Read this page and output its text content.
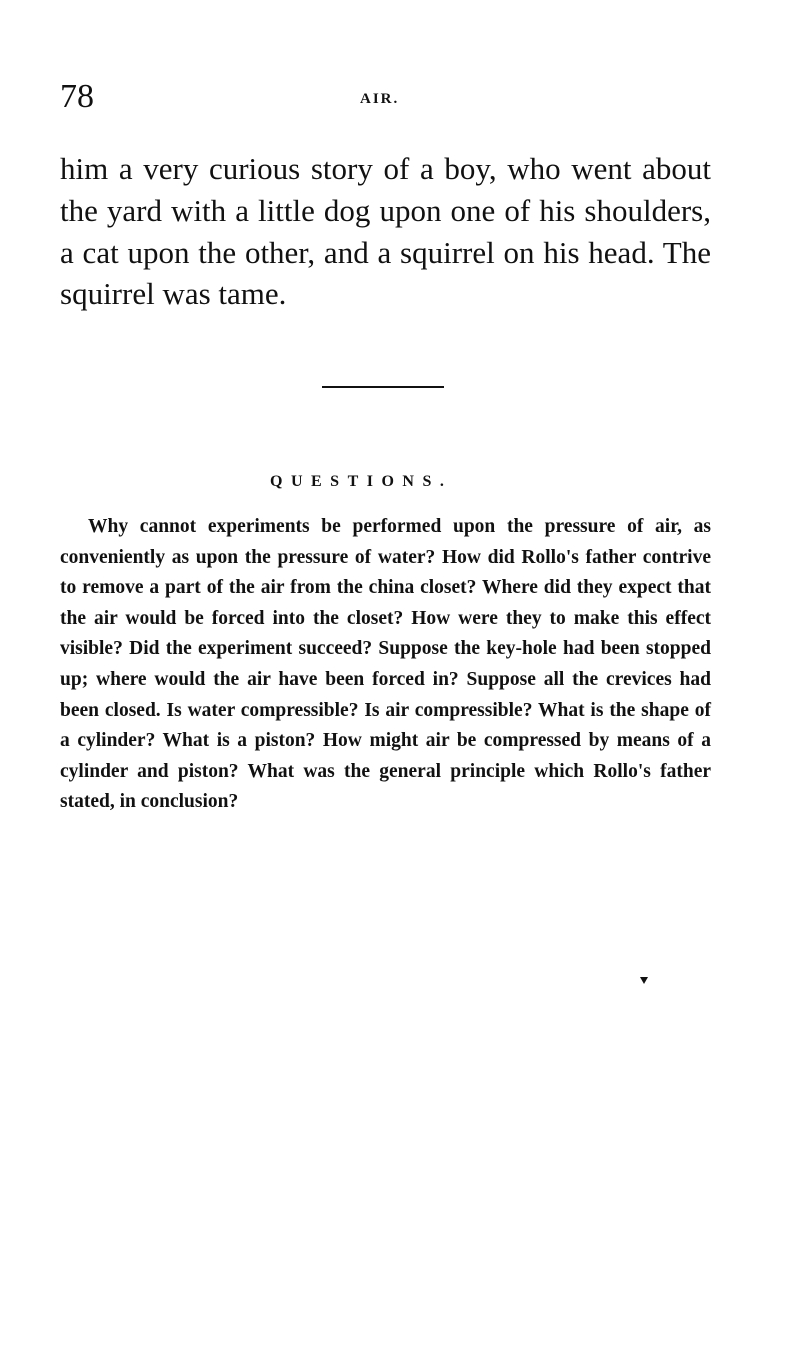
78	AIR.

him a very curious story of a boy, who went about the yard with a little dog upon one of his shoulders, a cat upon the other, and a squirrel on his head. The squirrel was tame.

QUESTIONS.

Why cannot experiments be performed upon the pressure of air, as conveniently as upon the pressure of water? How did Rollo's father contrive to remove a part of the air from the china closet? Where did they expect that the air would be forced into the closet? How were they to make this effect visible? Did the experiment succeed? Suppose the key-hole had been stopped up; where would the air have been forced in? Suppose all the crevices had been closed. Is water compressible? Is air compressible? What is the shape of a cylinder? What is a piston? How might air be compressed by means of a cylinder and piston? What was the general principle which Rollo's father stated, in conclusion?
